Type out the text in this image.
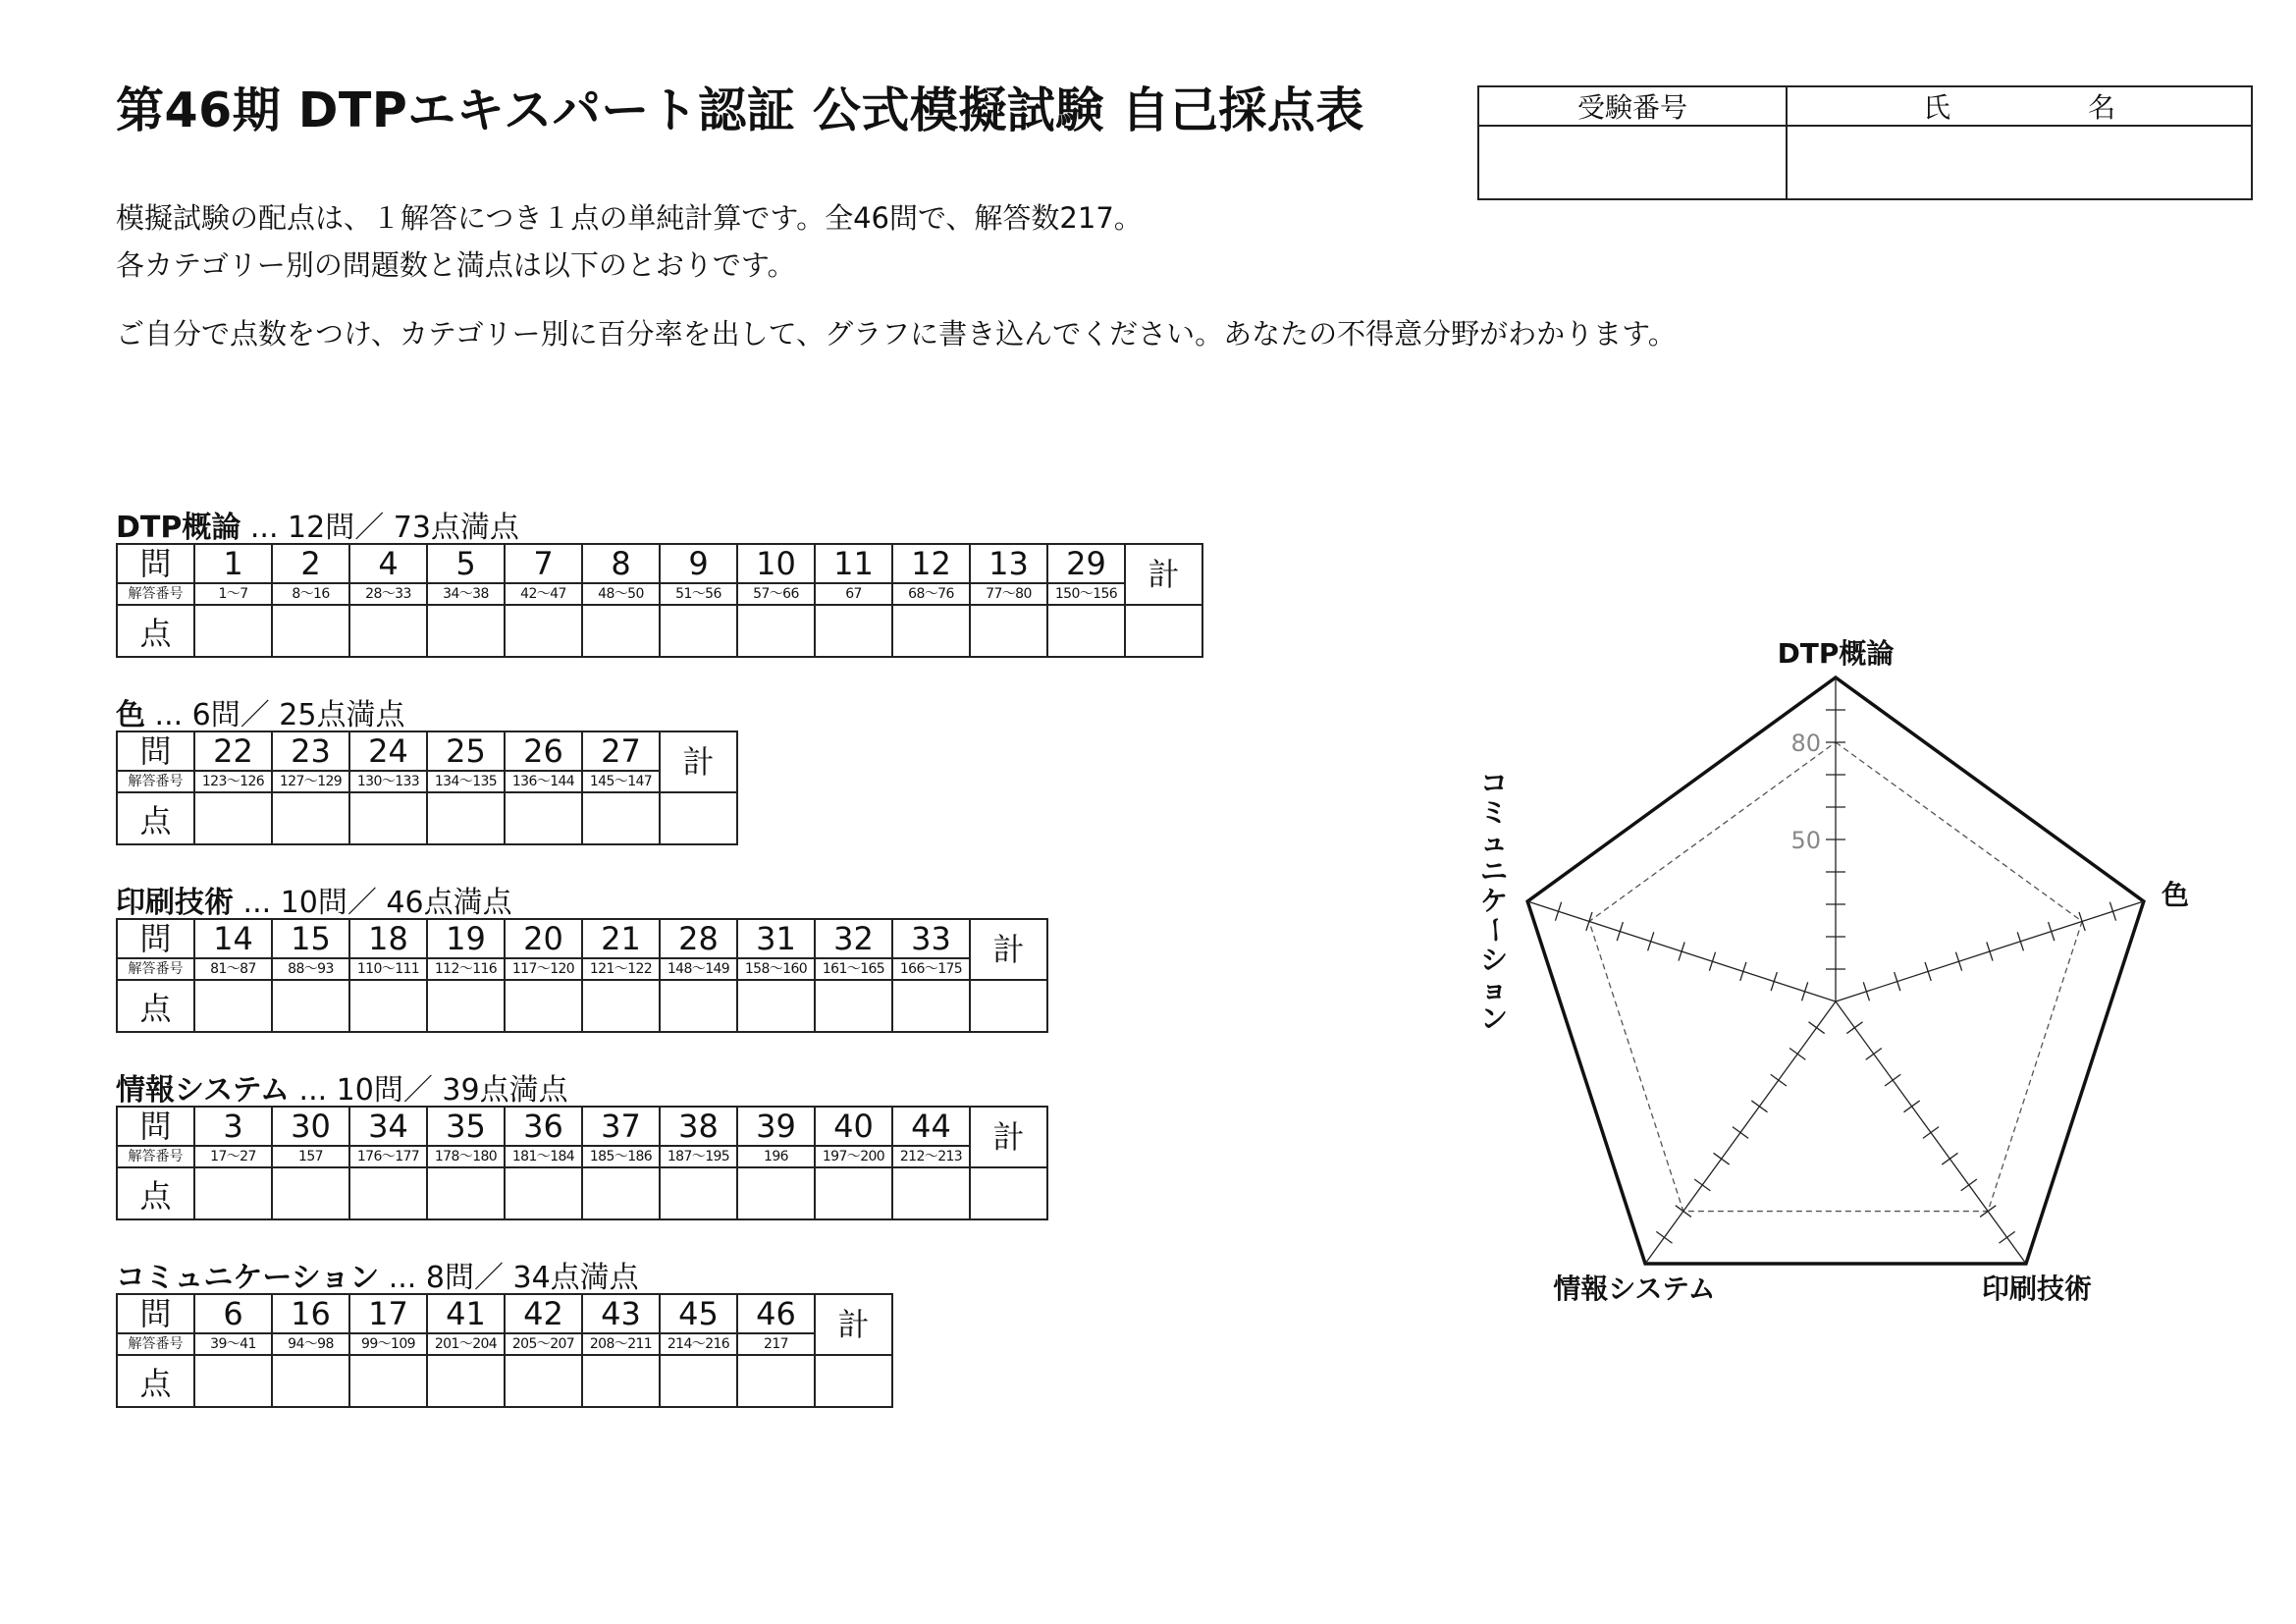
第46期 DTPエキスパート認証 公式模擬試験 自己採点表	受験番号	氏　名
模擬試験の配点は、１解答につき１点の単純計算です。全46問で、解答数217。
各カテゴリー別の問題数と満点は以下のとおりです。
ご自分で点数をつけ、カテゴリー別に百分率を出して、グラフに書き込んでください。あなたの不得意分野がわかります。
DTP概論 ... 12問／ 73点満点
問	1	2	4	5	7	8	9	10	11	12	13	29	計
解答番号	1～7	8～16	28～33	34～38	42～47	48～50	51～56	57～66	67	68～76	77～80	150～156	
点													
色 ... 6問／ 25点満点
問	22	23	24	25	26	27	計
解答番号	123～126	127～129	130～133	134～135	136～144	145～147	
点							
印刷技術 ... 10問／ 46点満点
問	14	15	18	19	20	21	28	31	32	33	計
解答番号	81～87	88～93	110～111	112～116	117～120	121～122	148～149	158～160	161～165	166～175	
点											
情報システム ... 10問／ 39点満点
問	3	30	34	35	36	37	38	39	40	44	計
解答番号	17～27	157	176～177	178～180	181～184	185～186	187～195	196	197～200	212～213	
点											
コミュニケーション ... 8問／ 34点満点
問	6	16	17	41	42	43	45	46	計
解答番号	39～41	94～98	99～109	201～204	205～207	208～211	214～216	217	
点									
80
50
DTP概論
色
印刷技術
情報システム
コ
ミ
ュ
ニ
ケ
ー
シ
ョ
ン
